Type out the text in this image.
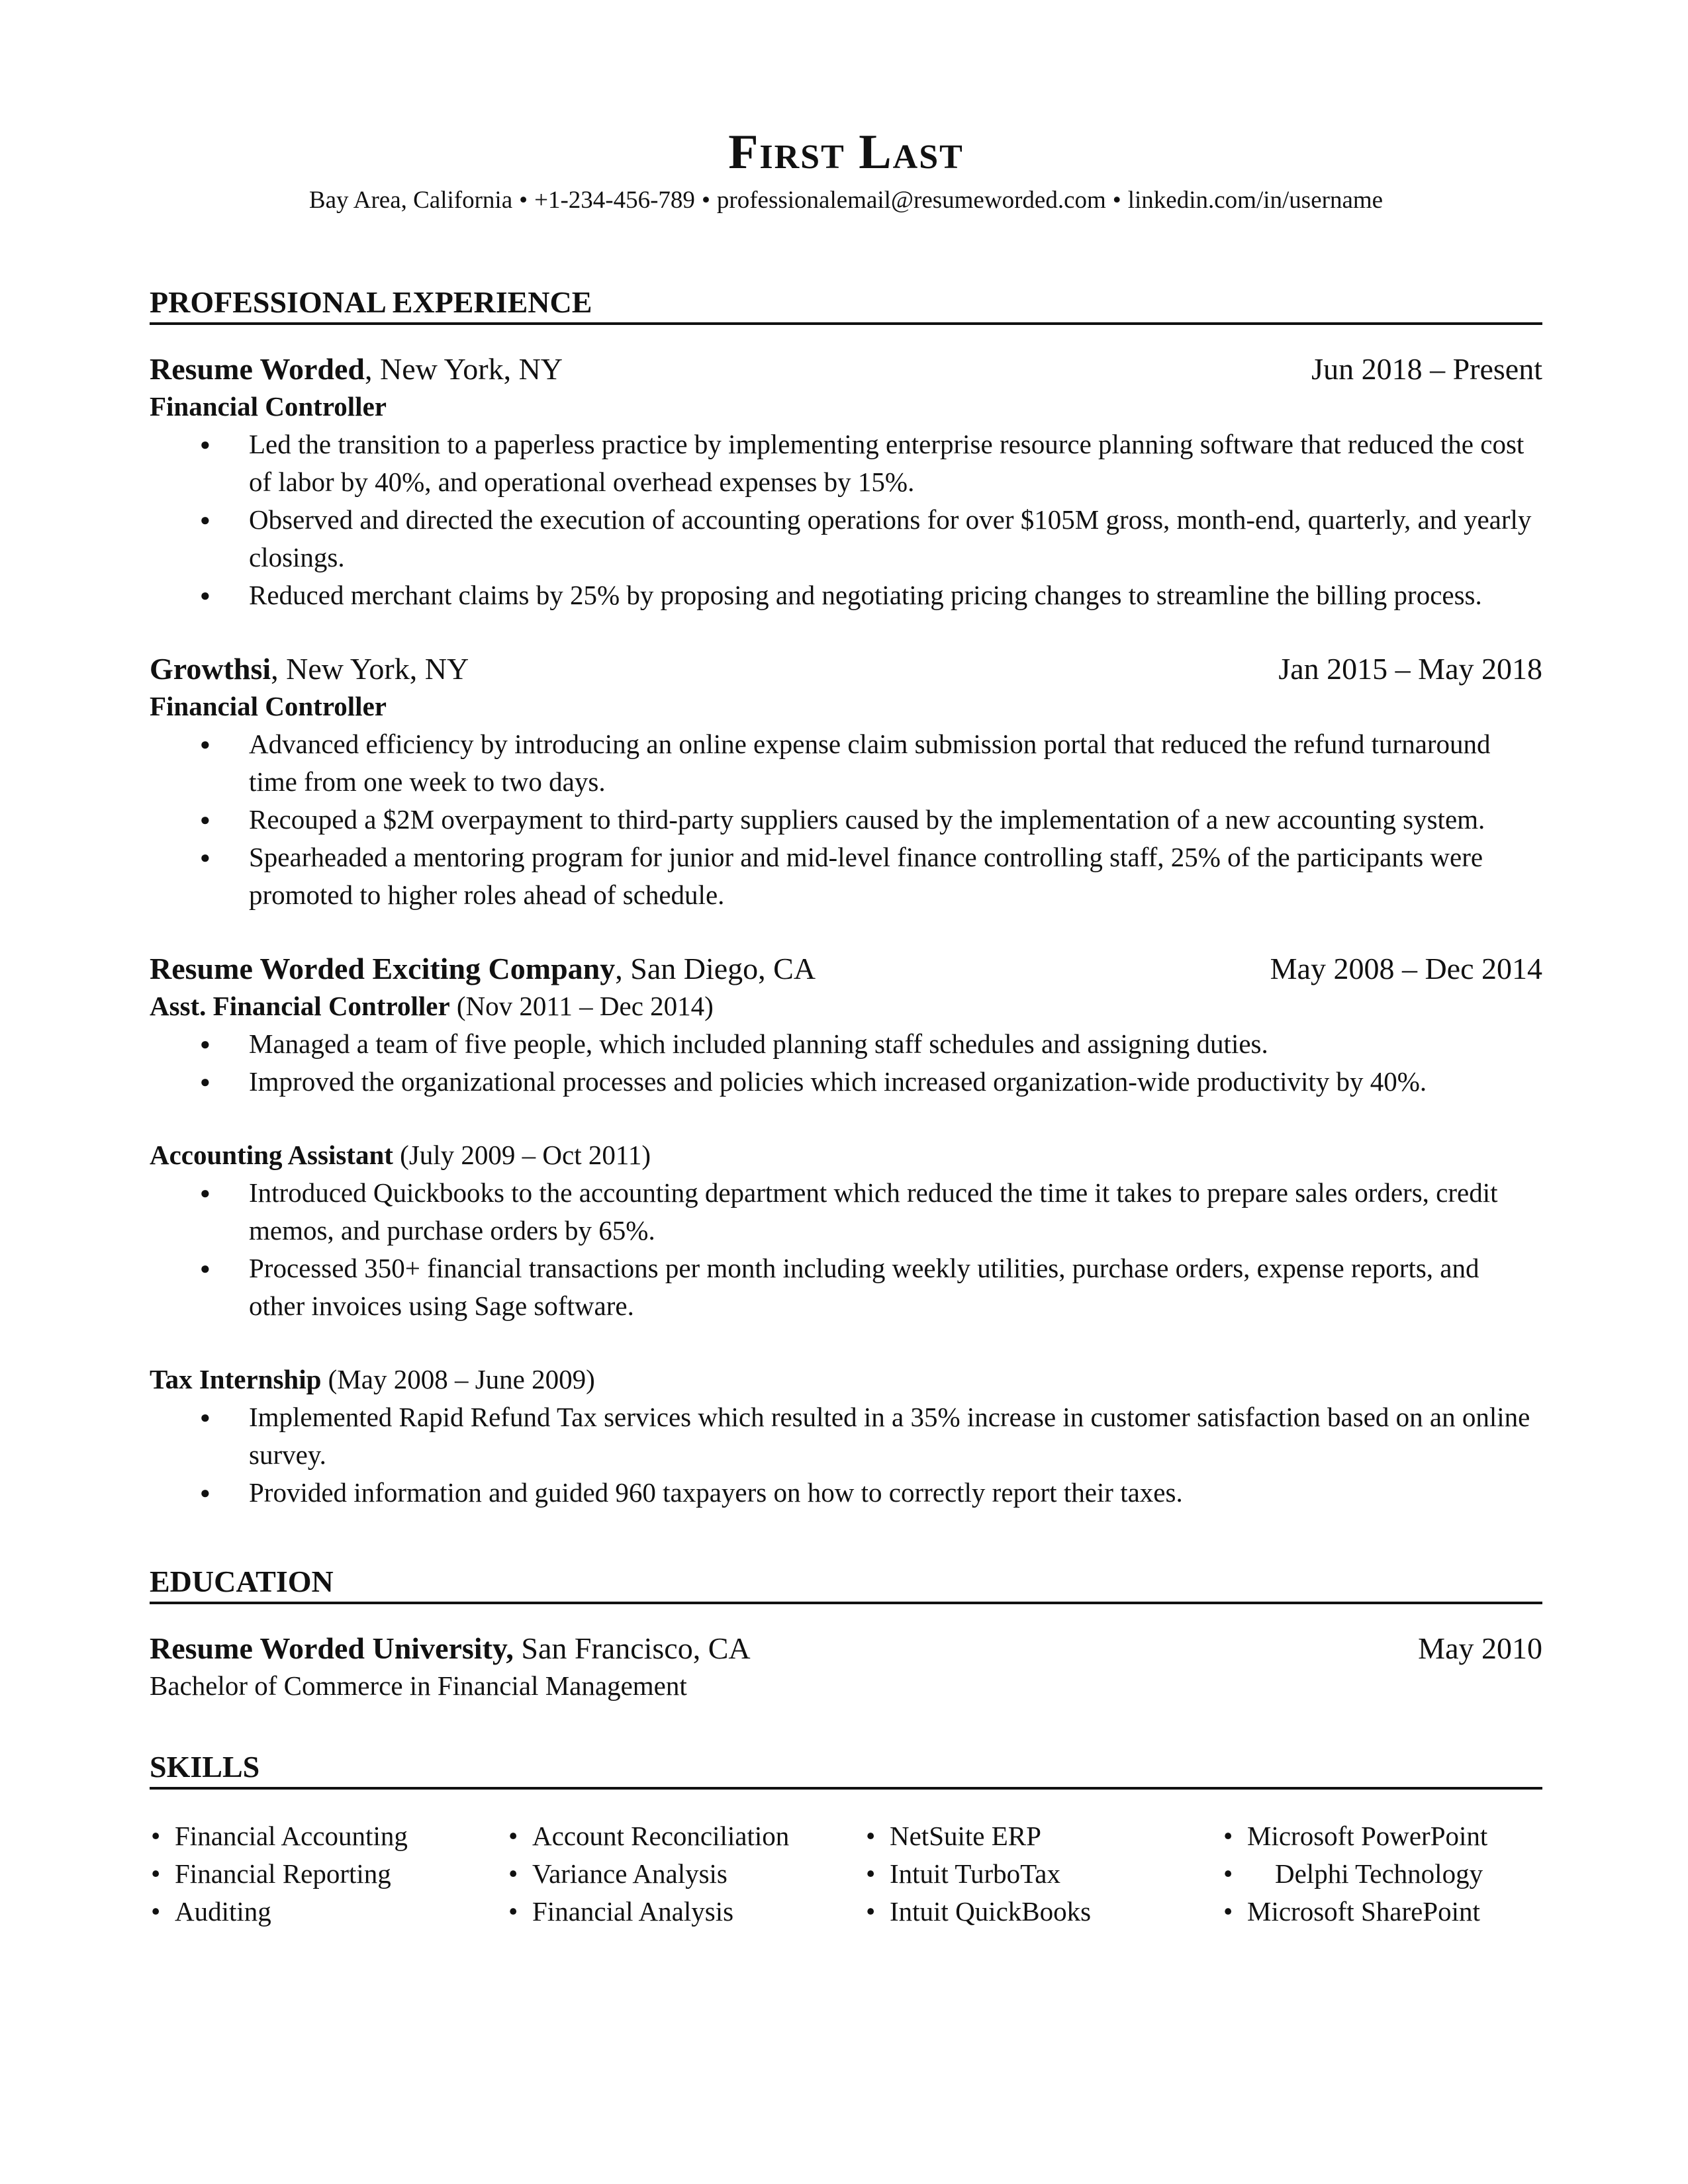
First Last
Bay Area, California • +1-234-456-789 • professionalemail@resumeworded.com • linkedin.com/in/username
PROFESSIONAL EXPERIENCE
Resume Worded, New York, NY	Jun 2018 – Present
Financial Controller
● Led the transition to a paperless practice by implementing enterprise resource planning software that reduced the cost of labor by 40%, and operational overhead expenses by 15%.
● Observed and directed the execution of accounting operations for over $105M gross, month-end, quarterly, and yearly closings.
● Reduced merchant claims by 25% by proposing and negotiating pricing changes to streamline the billing process.
Growthsi, New York, NY	Jan 2015 – May 2018
Financial Controller
● Advanced efficiency by introducing an online expense claim submission portal that reduced the refund turnaround time from one week to two days.
● Recouped a $2M overpayment to third-party suppliers caused by the implementation of a new accounting system.
● Spearheaded a mentoring program for junior and mid-level finance controlling staff, 25% of the participants were promoted to higher roles ahead of schedule.
Resume Worded Exciting Company, San Diego, CA	May 2008 – Dec 2014
Asst. Financial Controller (Nov 2011 – Dec 2014)
● Managed a team of five people, which included planning staff schedules and assigning duties.
● Improved the organizational processes and policies which increased organization-wide productivity by 40%.
Accounting Assistant (July 2009 – Oct 2011)
● Introduced Quickbooks to the accounting department which reduced the time it takes to prepare sales orders, credit memos, and purchase orders by 65%.
● Processed 350+ financial transactions per month including weekly utilities, purchase orders, expense reports, and other invoices using Sage software.
Tax Internship (May 2008 – June 2009)
● Implemented Rapid Refund Tax services which resulted in a 35% increase in customer satisfaction based on an online survey.
● Provided information and guided 960 taxpayers on how to correctly report their taxes.
EDUCATION
Resume Worded University, San Francisco, CA	May 2010
Bachelor of Commerce in Financial Management
SKILLS
• Financial Accounting	• Account Reconciliation	• NetSuite ERP	• Microsoft PowerPoint
• Financial Reporting	• Variance Analysis	• Intuit TurboTax	• Delphi Technology
• Auditing	• Financial Analysis	• Intuit QuickBooks	• Microsoft SharePoint
